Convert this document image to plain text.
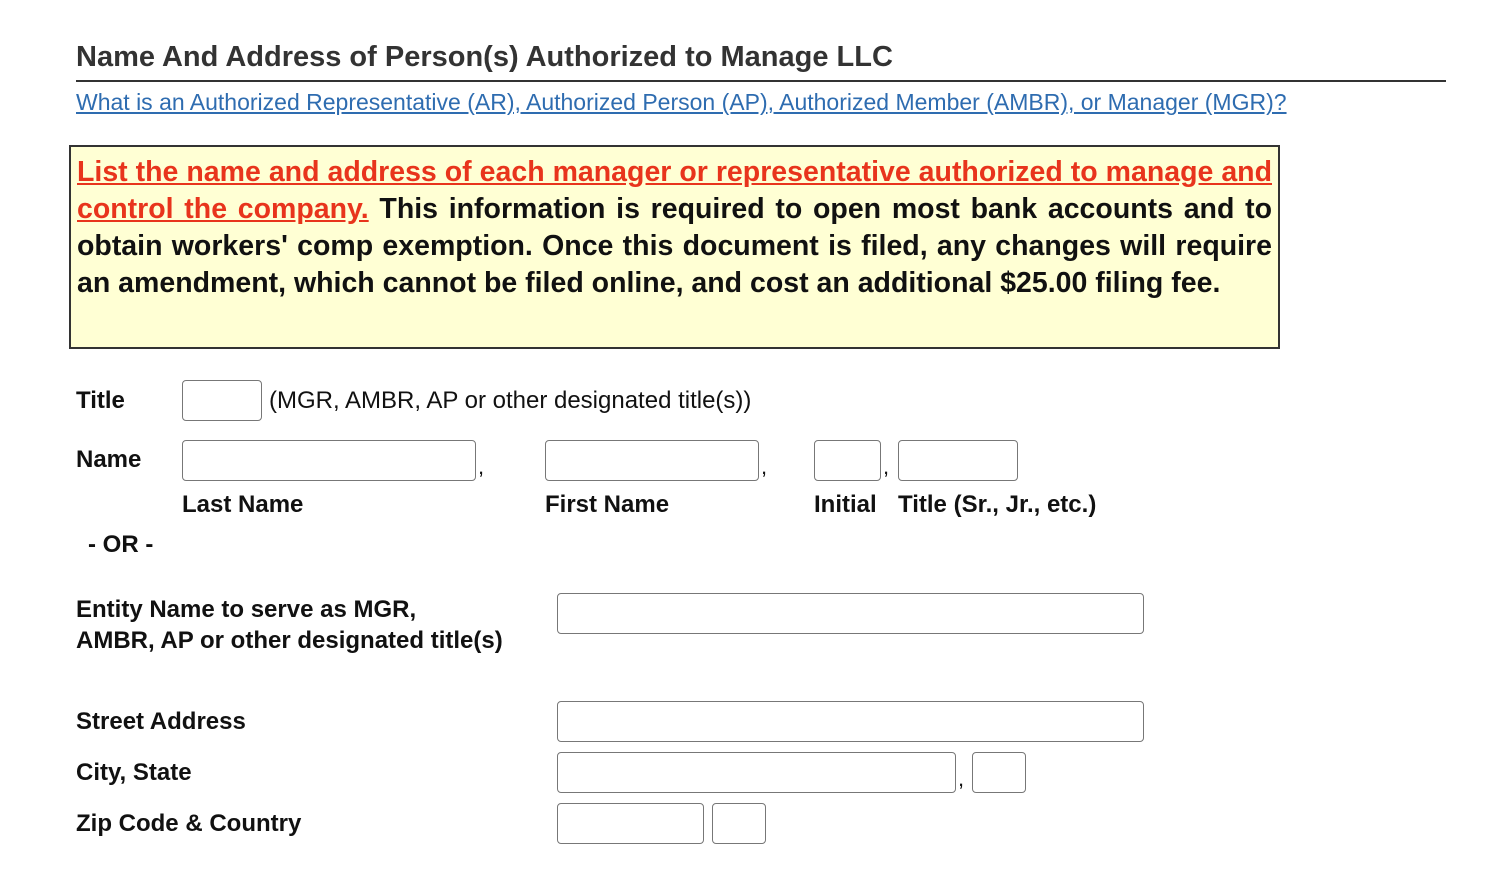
Name And Address of Person(s) Authorized to Manage LLC
What is an Authorized Representative (AR), Authorized Person (AP), Authorized Member (AMBR), or Manager (MGR)?
List the name and address of each manager or representative authorized to manage and control the company. This information is required to open most bank accounts and to obtain workers' comp exemption. Once this document is filed, any changes will require an amendment, which cannot be filed online, and cost an additional $25.00 filing fee.
Title	(MGR, AMBR, AP or other designated title(s))
Name	,	,	,
Last Name	First Name	Initial Title (Sr., Jr., etc.)
- OR -
Entity Name to serve as MGR,
AMBR, AP or other designated title(s)
Street Address
City, State	,
Zip Code & Country
